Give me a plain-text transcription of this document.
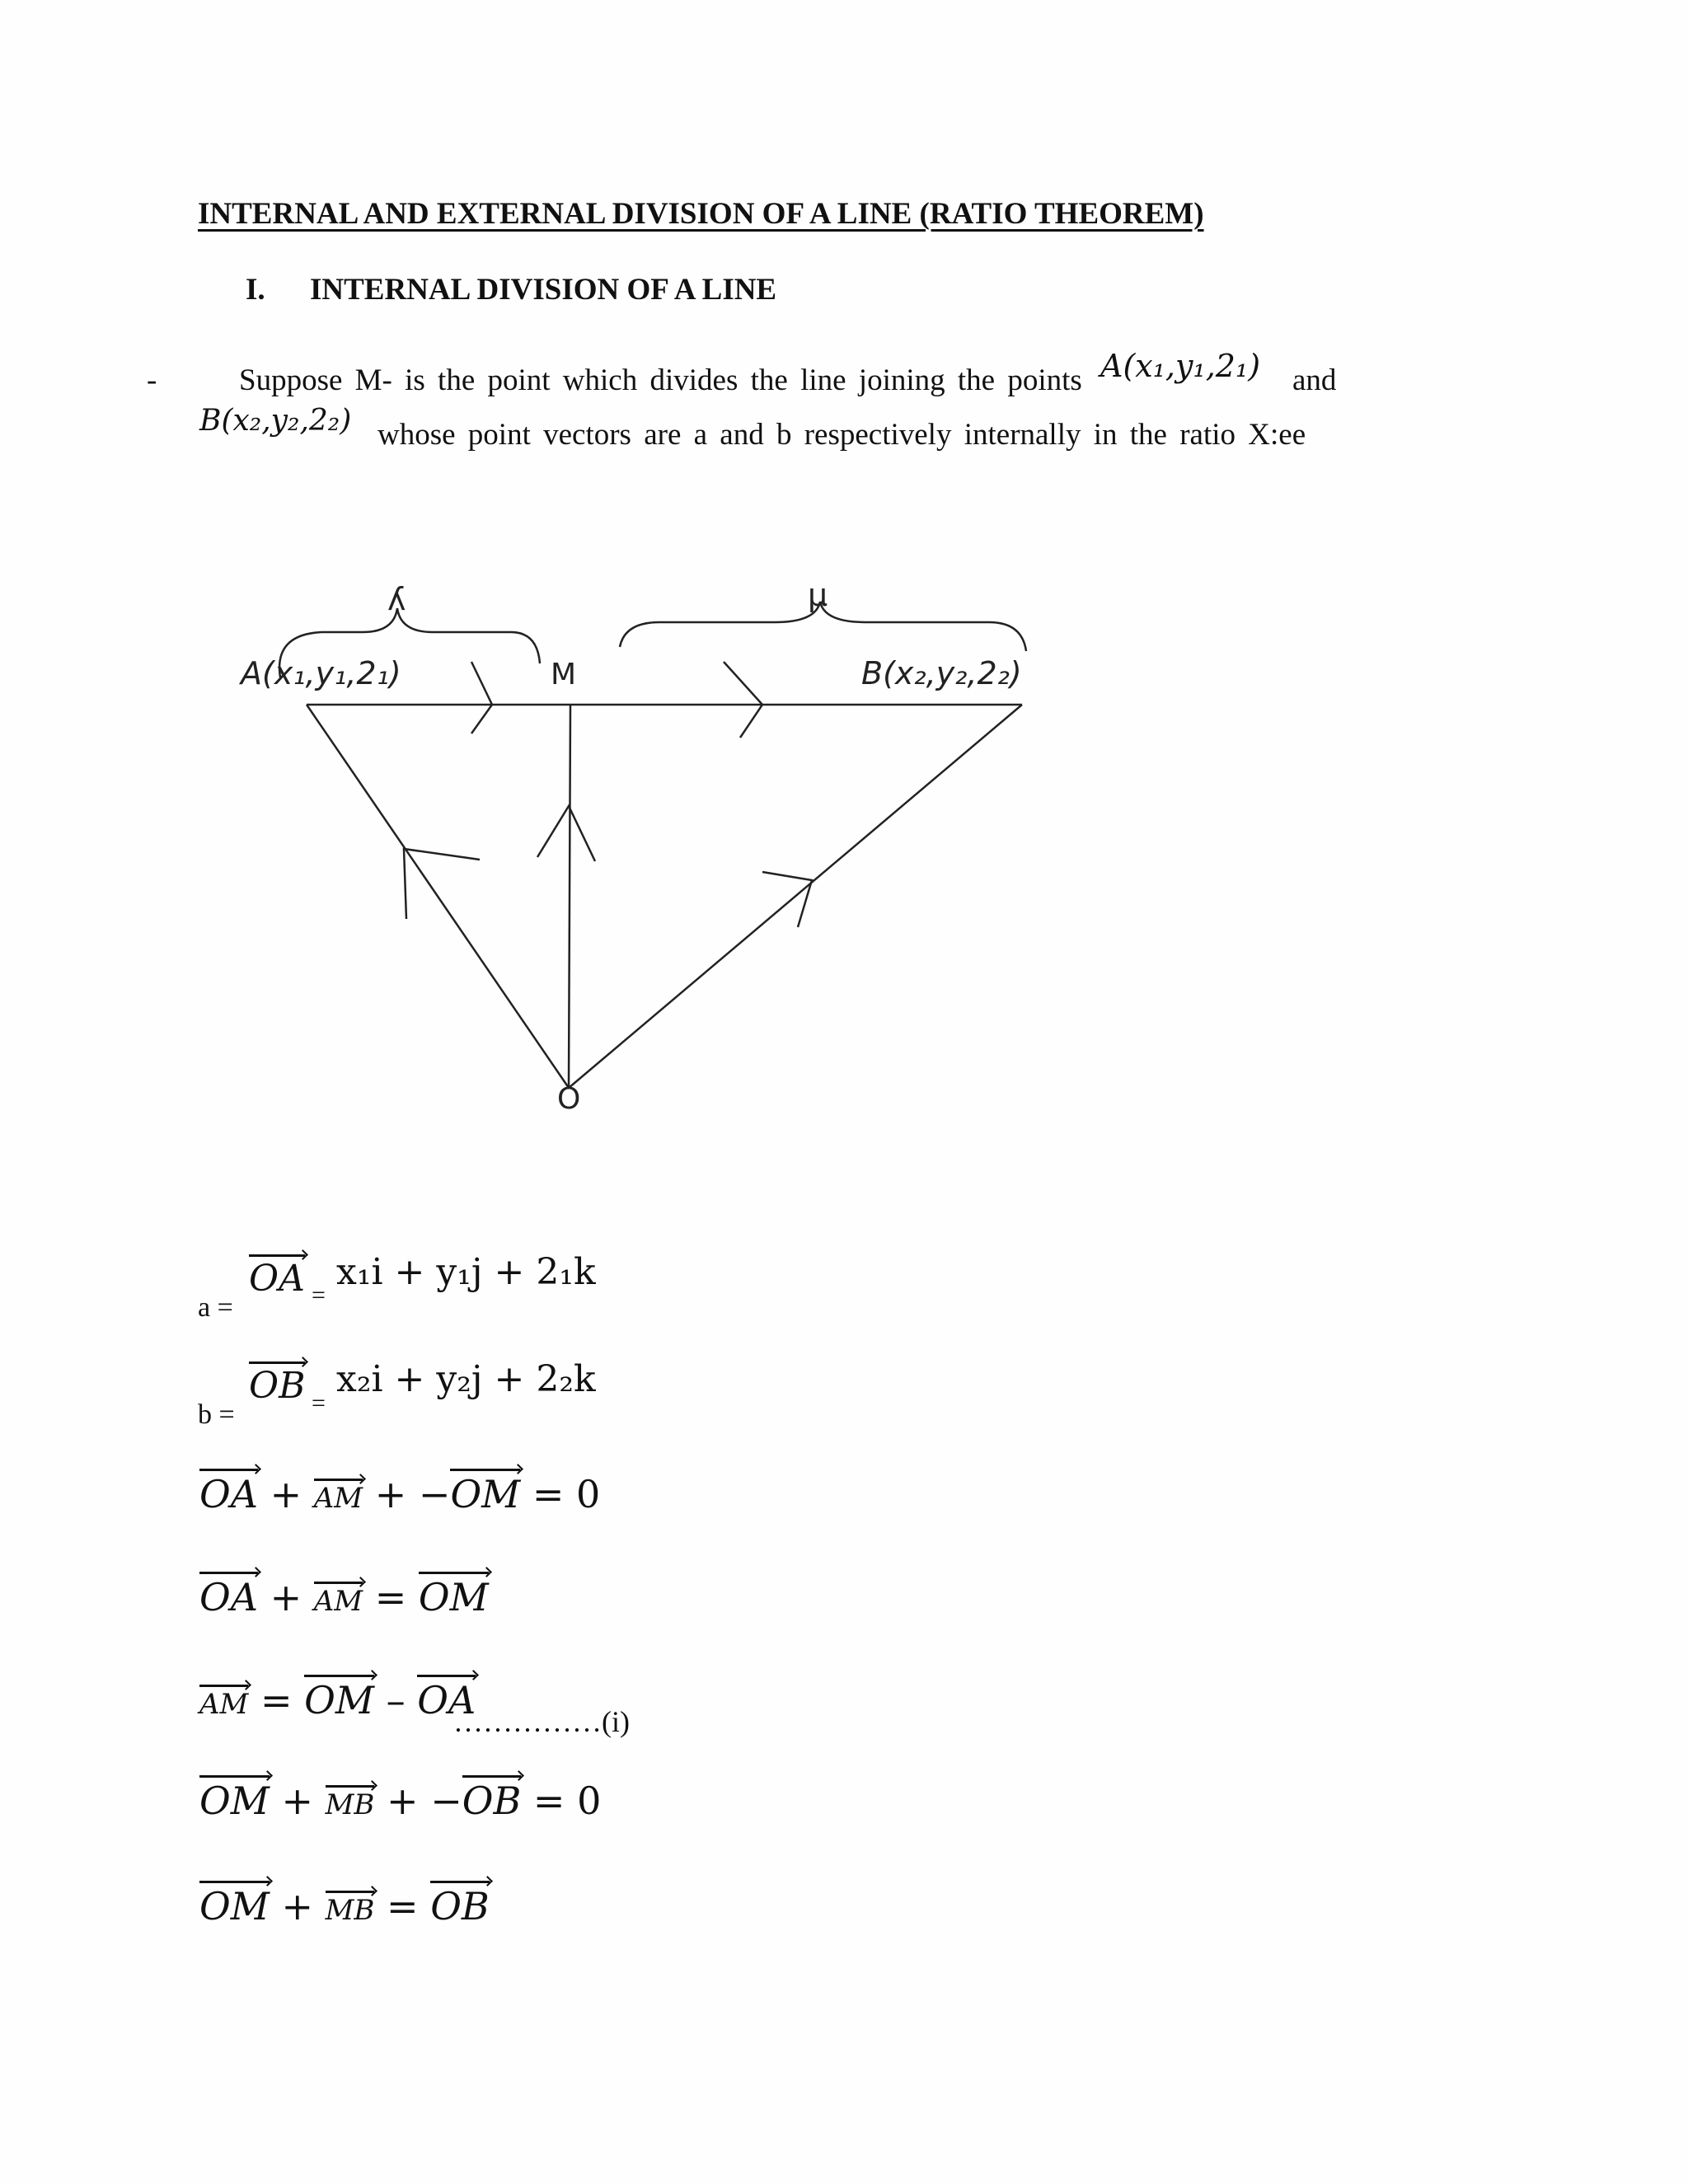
INTERNAL AND EXTERNAL DIVISION OF A LINE (RATIO THEOREM)
I. INTERNAL DIVISION OF A LINE
-	Suppose M- is the point which divides the line joining the points A(x₁,y₁,2₁) and
B(x₂,y₂,2₂) whose point vectors are a and b respectively internally in the ratio X:ee
ʎ	µ
A(x₁,y₁,2₁)	M	B(x₂,y₂,2₂)
O
a =
OA =
x₁i + y₁j + 2₁k
b =
OB =
x₂i + y₂j + 2₂k
OA + AM + −OM = 0
OA + AM = OM
AM = OM – OA
……………(i)
OM + MB + −OB = 0
OM + MB = OB
